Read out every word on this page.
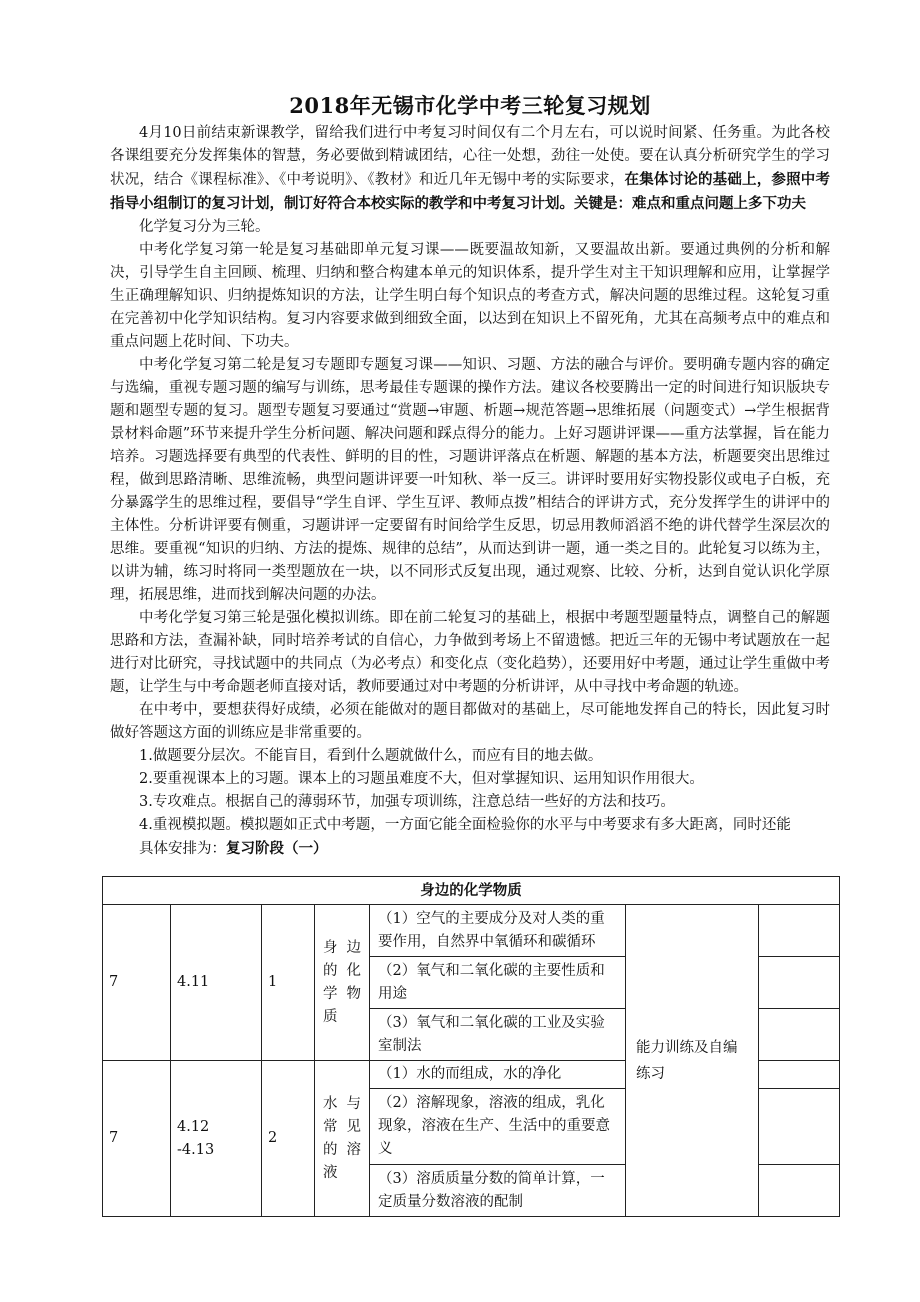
2018年无锡市化学中考三轮复习规划

4月10日前结束新课教学，留给我们进行中考复习时间仅有二个月左右，可以说时间紧、任务重。为此各校各课组要充分发挥集体的智慧，务必要做到精诚团结，心往一处想，劲往一处使。要在认真分析研究学生的学习状况，结合《课程标准》、《中考说明》、《教材》和近几年无锡中考的实际要求，在集体讨论的基础上，参照中考指导小组制订的复习计划，制订好符合本校实际的教学和中考复习计划。关键是：难点和重点问题上多下功夫

化学复习分为三轮。

中考化学复习第一轮是复习基础即单元复习课——既要温故知新，又要温故出新。要通过典例的分析和解决，引导学生自主回顾、梳理、归纳和整合构建本单元的知识体系，提升学生对主干知识理解和应用，让掌握学生正确理解知识、归纳提炼知识的方法，让学生明白每个知识点的考查方式，解决问题的思维过程。这轮复习重在完善初中化学知识结构。复习内容要求做到细致全面，以达到在知识上不留死角，尤其在高频考点中的难点和重点问题上花时间、下功夫。

中考化学复习第二轮是复习专题即专题复习课——知识、习题、方法的融合与评价。要明确专题内容的确定与选编，重视专题习题的编写与训练，思考最佳专题课的操作方法。建议各校要腾出一定的时间进行知识版块专题和题型专题的复习。题型专题复习要通过“赏题→审题、析题→规范答题→思维拓展（问题变式）→学生根据背景材料命题”环节来提升学生分析问题、解决问题和踩点得分的能力。上好习题讲评课——重方法掌握，旨在能力培养。习题选择要有典型的代表性、鲜明的目的性，习题讲评落点在析题、解题的基本方法，析题要突出思维过程，做到思路清晰、思维流畅，典型问题讲评要一叶知秋、举一反三。讲评时要用好实物投影仪或电子白板，充分暴露学生的思维过程，要倡导“学生自评、学生互评、教师点拨”相结合的评讲方式，充分发挥学生的讲评中的主体性。分析讲评要有侧重，习题讲评一定要留有时间给学生反思，切忌用教师滔滔不绝的讲代替学生深层次的思维。要重视“知识的归纳、方法的提炼、规律的总结”，从而达到讲一题，通一类之目的。此轮复习以练为主，以讲为辅，练习时将同一类型题放在一块，以不同形式反复出现，通过观察、比较、分析，达到自觉认识化学原理，拓展思维，进而找到解决问题的办法。

中考化学复习第三轮是强化模拟训练。即在前二轮复习的基础上，根据中考题型题量特点，调整自己的解题思路和方法，查漏补缺，同时培养考试的自信心，力争做到考场上不留遗憾。把近三年的无锡中考试题放在一起进行对比研究，寻找试题中的共同点（为必考点）和变化点（变化趋势），还要用好中考题，通过让学生重做中考题，让学生与中考命题老师直接对话，教师要通过对中考题的分析讲评，从中寻找中考命题的轨迹。

在中考中，要想获得好成绩，必须在能做对的题目都做对的基础上，尽可能地发挥自己的特长，因此复习时做好答题这方面的训练应是非常重要的。

1.做题要分层次。不能盲目，看到什么题就做什么，而应有目的地去做。

2.要重视课本上的习题。课本上的习题虽难度不大，但对掌握知识、运用知识作用很大。

3.专攻难点。根据自己的薄弱环节，加强专项训练，注意总结一些好的方法和技巧。

4.重视模拟题。模拟题如正式中考题，一方面它能全面检验你的水平与中考要求有多大距离，同时还能

具体安排为：复习阶段（一）

身边的化学物质						
7	4.11	1	身边的化学物质	（1）空气的主要成分及对人类的重要作用，自然界中氧循环和碳循环	能力训练及自编练习	
				（2）氧气和二氧化碳的主要性质和用途		
				（3）氧气和二氧化碳的工业及实验室制法		
7	4.12
-4.13	2	水与常见的溶液	（1）水的而组成，水的净化		
				（2）溶解现象，溶液的组成，乳化现象，溶液在生产、生活中的重要意义		
				（3）溶质质量分数的简单计算，一定质量分数溶液的配制		
